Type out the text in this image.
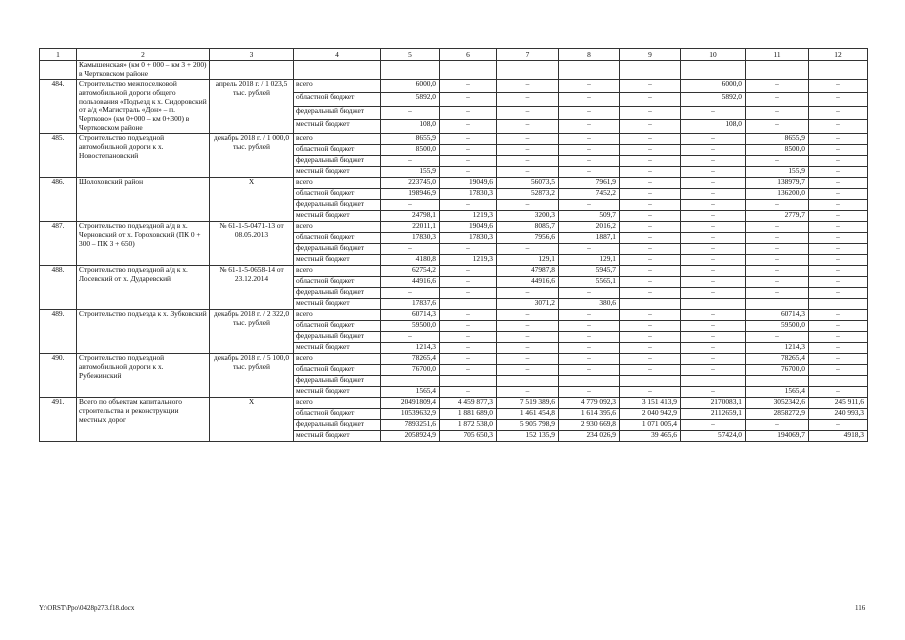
1	2	3	4	5	6	7	8	9	10	11	12
	Камышенская» (км 0 + 000 – км 3 + 200) в Чертковском районе										
484.	Строительство межпоселковой автомобильной дороги общего пользования «Подъезд к х. Сидоровский от а/д «Магистраль «Дон» – п. Чертково» (км 0+000 – км 0+300) в Чертковском районе	апрель 2018 г. / 1 023,5 тыс. рублей	всего	6000,0	–	–	–	–	6000,0	–	–
			областной бюджет	5892,0	–	–	–	–	5892,0	–	–
			федеральный бюджет	–	–	–	–	–	–	–	–
			местный бюджет	108,0	–	–	–	–	108,0	–	–
485.	Строительство подъездной автомобильной дороги к х. Новостепановский	декабрь 2018 г. / 1 000,0 тыс. рублей	всего	8655,9	–	–	–	–	–	8655,9	–
			областной бюджет	8500,0	–	–	–	–	–	8500,0	–
			федеральный бюджет	–	–	–	–	–	–	–	–
			местный бюджет	155,9	–	–	–	–	–	155,9	–
486.	Шолоховский район	Х	всего	223745,0	19049,6	56073,5	7961,9	–	–	138979,7	–
			областной бюджет	198946,9	17830,3	52873,2	7452,2	–	–	136200,0	–
			федеральный бюджет	–	–	–	–	–	–	–	–
			местный бюджет	24798,1	1219,3	3200,3	509,7	–	–	2779,7	–
487.	Строительство подъездной а/д в х. Черновский от х. Гороховский (ПК 0 + 300 – ПК 3 + 650)	№ 61-1-5-0471-13 от 08.05.2013	всего	22011,1	19049,6	8085,7	2016,2	–	–	–	–
			областной бюджет	17830,3	17830,3	7956,6	1887,1	–	–	–	–
			федеральный бюджет	–	–	–	–	–	–	–	–
			местный бюджет	4180,8	1219,3	129,1	129,1	–	–	–	–
488.	Строительство подъездной а/д к х. Лосевский от х. Дударевский	№ 61-1-5-0658-14 от 23.12.2014	всего	62754,2	–	47987,8	5945,7	–	–	–	–
			областной бюджет	44916,6	–	44916,6	5565,1	–	–	–	–
			федеральный бюджет	–	–	–	–	–	–	–	–
			местный бюджет	17837,6		3071,2	380,6				
489.	Строительство подъезда к х. Зубковский	декабрь 2018 г. / 2 322,0 тыс. рублей	всего	60714,3	–	–	–	–	–	60714,3	–
			областной бюджет	59500,0	–	–	–	–	–	59500,0	–
			федеральный бюджет	–	–	–	–	–	–	–	–
			местный бюджет	1214,3	–	–	–	–	–	1214,3	–
490.	Строительство подъездной автомобильной дороги к х. Рубежинский	декабрь 2018 г. / 5 100,0 тыс. рублей	всего	78265,4	–	–	–	–	–	78265,4	–
			областной бюджет	76700,0	–	–	–	–	–	76700,0	–
			федеральный бюджет								
			местный бюджет	1565,4	–	–	–	–	–	1565,4	–
491.	Всего по объектам капитального строительства и реконструкции местных дорог	Х	всего	20491809,4	4 459 877,3	7 519 389,6	4 779 092,3	3 151 413,9	2170083,1	3052342,6	245 911,6
			областной бюджет	10539632,9	1 881 689,0	1 461 454,8	1 614 395,6	2 040 942,9	2112659,1	2858272,9	240 993,3
			федеральный бюджет	7893251,6	1 872 538,0	5 905 798,9	2 930 669,8	1 071 005,4	–	–	–
			местный бюджет	2058924,9	705 650,3	152 135,9	234 026,9	39 465,6	57424,0	194069,7	4918,3
Y:\ORST\Ppo\0428p273.f18.docx	116
